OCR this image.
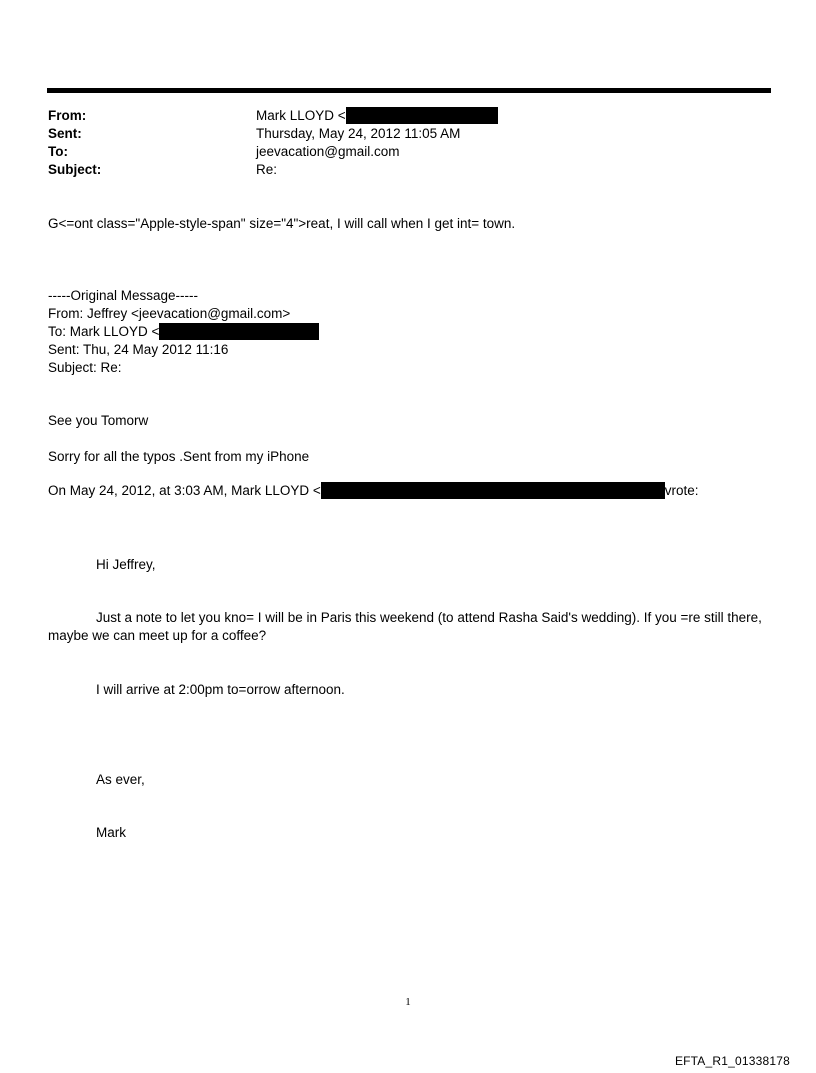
From:	Mark LLOYD <
Sent:	Thursday, May 24, 2012 11:05 AM
To:	jeevacation@gmail.com
Subject:	Re:
G<=ont class="Apple-style-span" size="4">reat, I will call when I get int= town.
-----Original Message-----
From: Jeffrey <jeevacation@gmail.com>
To: Mark LLOYD <
Sent: Thu, 24 May 2012 11:16
Subject: Re:
See you Tomorw
Sorry for all the typos .Sent from my iPhone
On May 24, 2012, at 3:03 AM, Mark LLOYD <	vrote:
Hi Jeffrey,
Just a note to let you kno= I will be in Paris this weekend (to attend Rasha Said's wedding). If you =re still there, maybe we can meet up for a coffee?
I will arrive at 2:00pm to=orrow afternoon.
As ever,
Mark
1
EFTA_R1_01338178
